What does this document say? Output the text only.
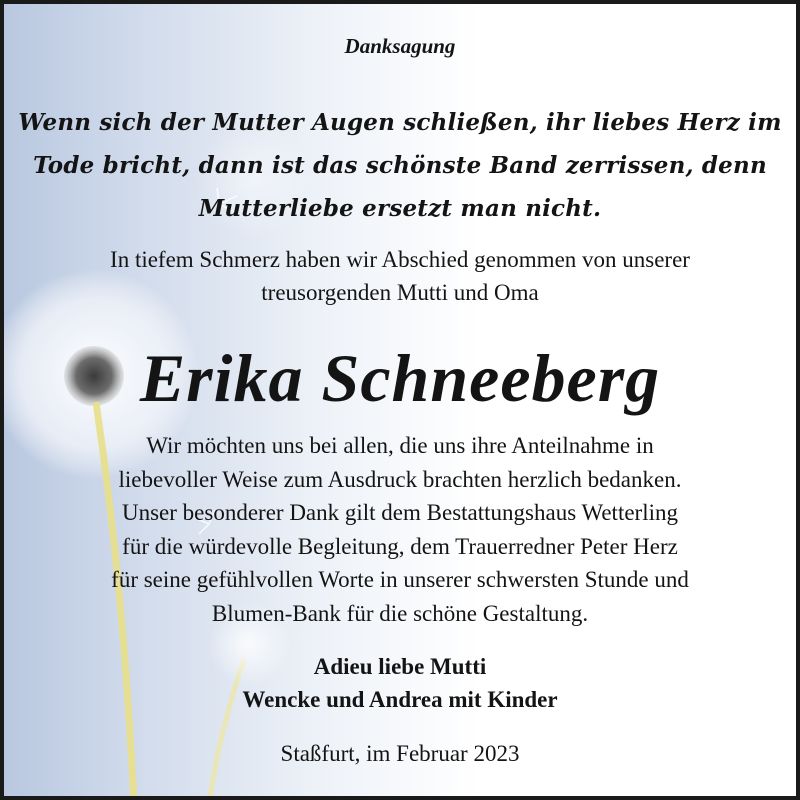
Danksagung
Wenn sich der Mutter Augen schließen, ihr liebes Herz im
Tode bricht, dann ist das schönste Band zerrissen, denn
Mutterliebe ersetzt man nicht.
In tiefem Schmerz haben wir Abschied genommen von unserer
treusorgenden Mutti und Oma
Erika Schneeberg
Wir möchten uns bei allen, die uns ihre Anteilnahme in
liebevoller Weise zum Ausdruck brachten herzlich bedanken.
Unser besonderer Dank gilt dem Bestattungshaus Wetterling
für die würdevolle Begleitung, dem Trauerredner Peter Herz
für seine gefühlvollen Worte in unserer schwersten Stunde und
Blumen-Bank für die schöne Gestaltung.
Adieu liebe Mutti
Wencke und Andrea mit Kinder
Staßfurt, im Februar 2023
